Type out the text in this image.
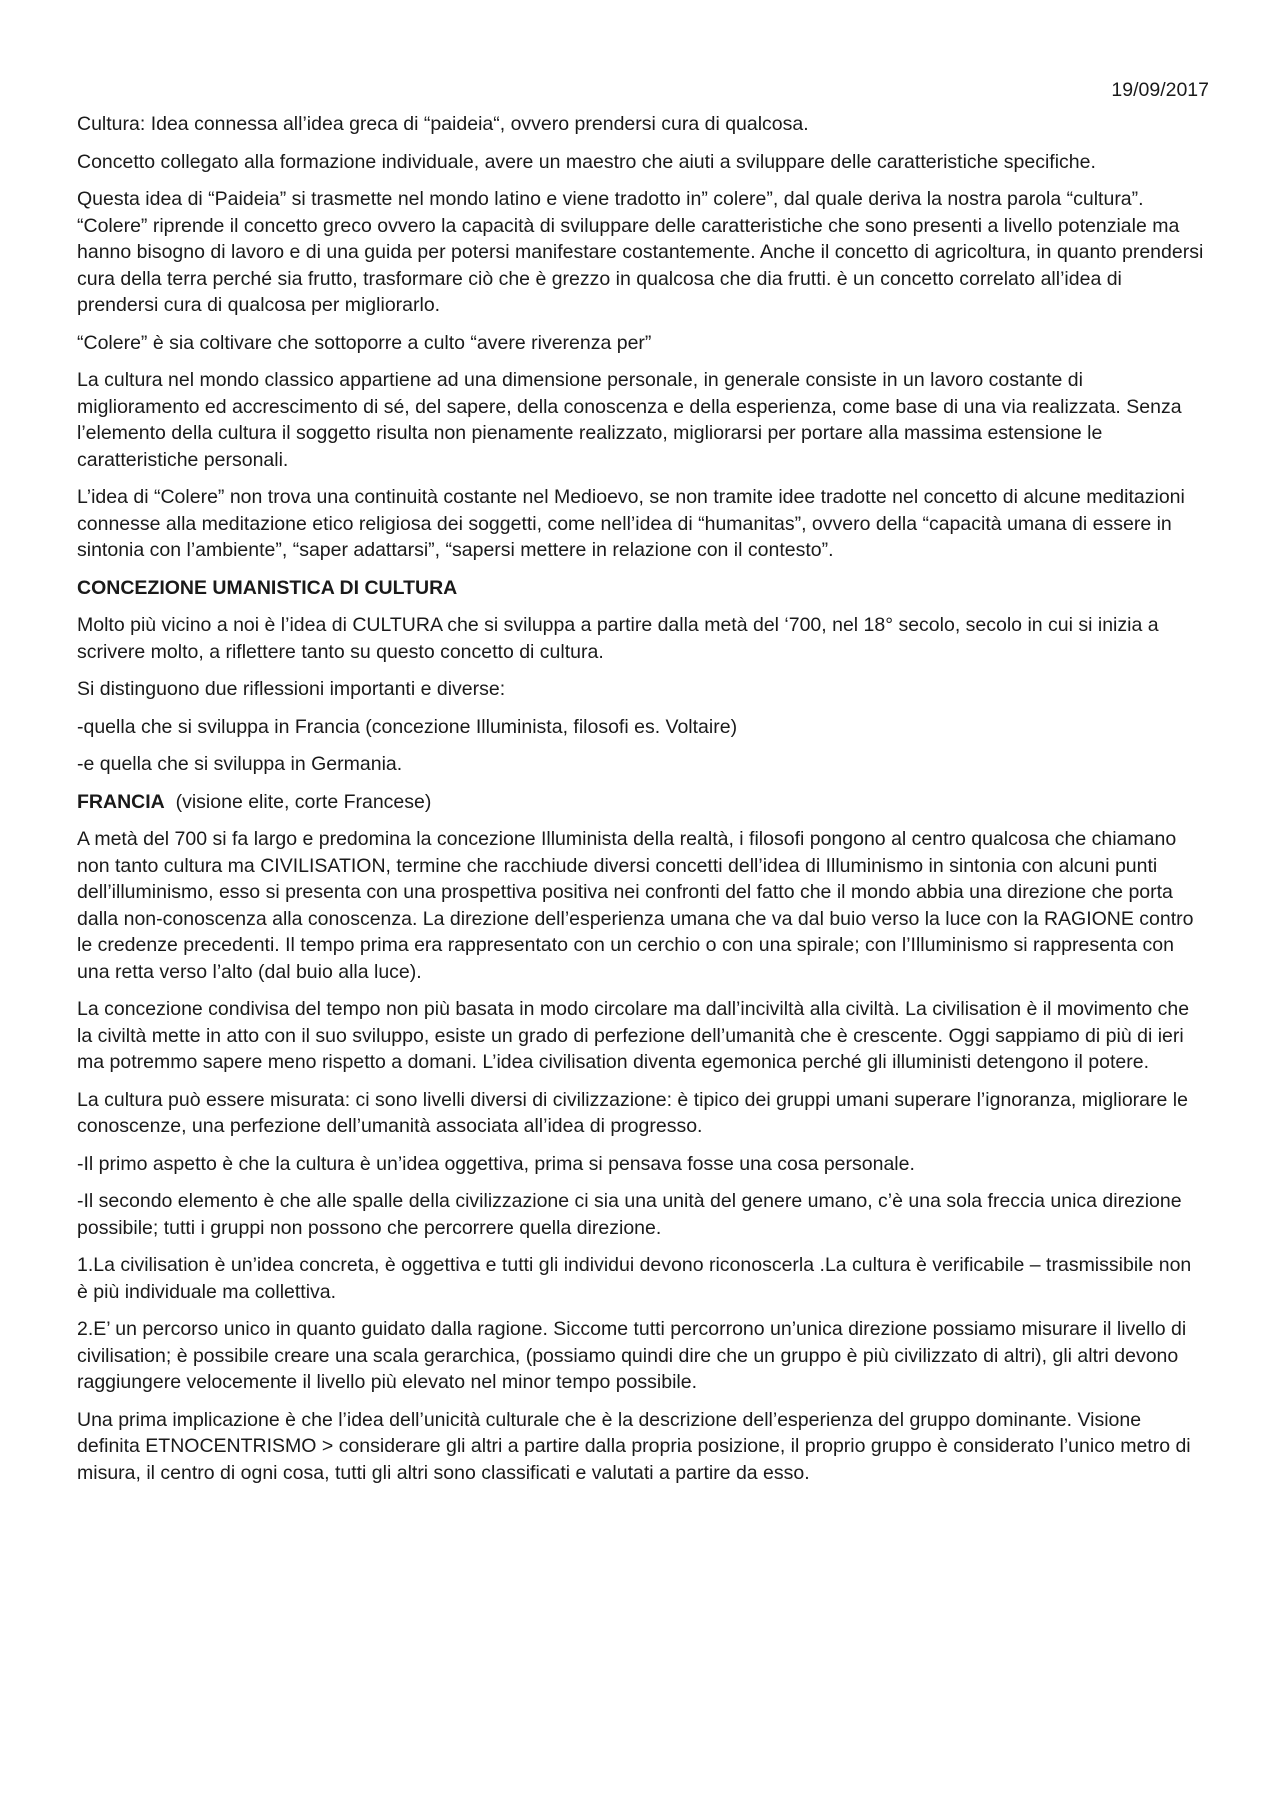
19/09/2017

Cultura: Idea connessa all’idea greca di “paideia“, ovvero prendersi cura di qualcosa.

Concetto collegato alla formazione individuale, avere un maestro che aiuti a sviluppare delle caratteristiche specifiche.

Questa idea di “Paideia” si trasmette nel mondo latino e viene tradotto in” colere”, dal quale deriva la nostra parola “cultura”. “Colere” riprende il concetto greco ovvero la capacità di sviluppare delle caratteristiche che sono presenti a livello potenziale ma hanno bisogno di lavoro e di una guida per potersi manifestare costantemente. Anche il concetto di agricoltura, in quanto prendersi cura della terra perché sia frutto, trasformare ciò che è grezzo in qualcosa che dia frutti. è un concetto correlato all’idea di prendersi cura di qualcosa per migliorarlo.

“Colere” è sia coltivare che sottoporre a culto “avere riverenza per”

La cultura nel mondo classico appartiene ad una dimensione personale, in generale consiste in un lavoro costante di miglioramento ed accrescimento di sé, del sapere, della conoscenza e della esperienza, come base di una via realizzata. Senza l’elemento della cultura il soggetto risulta non pienamente realizzato, migliorarsi per portare alla massima estensione le caratteristiche personali.

L’idea di “Colere” non trova una continuità costante nel Medioevo, se non tramite idee tradotte nel concetto di alcune meditazioni connesse alla meditazione etico religiosa dei soggetti, come nell’idea di “humanitas”, ovvero della “capacità umana di essere in sintonia con l’ambiente”, “saper adattarsi”, “sapersi mettere in relazione con il contesto”.

CONCEZIONE UMANISTICA DI CULTURA

Molto più vicino a noi è l’idea di CULTURA che si sviluppa a partire dalla metà del ‘700, nel 18° secolo, secolo in cui si inizia a scrivere molto, a riflettere tanto su questo concetto di cultura.

Si distinguono due riflessioni importanti e diverse:

-quella che si sviluppa in Francia (concezione Illuminista, filosofi es. Voltaire)

-e quella che si sviluppa in Germania.

FRANCIA (visione elite, corte Francese)

A metà del 700 si fa largo e predomina la concezione Illuminista della realtà, i filosofi pongono al centro qualcosa che chiamano non tanto cultura ma CIVILISATION, termine che racchiude diversi concetti dell’idea di Illuminismo in sintonia con alcuni punti dell’illuminismo, esso si presenta con una prospettiva positiva nei confronti del fatto che il mondo abbia una direzione che porta dalla non-conoscenza alla conoscenza. La direzione dell’esperienza umana che va dal buio verso la luce con la RAGIONE contro le credenze precedenti. Il tempo prima era rappresentato con un cerchio o con una spirale; con l’Illuminismo si rappresenta con una retta verso l’alto (dal buio alla luce).

La concezione condivisa del tempo non più basata in modo circolare ma dall’inciviltà alla civiltà. La civilisation è il movimento che la civiltà mette in atto con il suo sviluppo, esiste un grado di perfezione dell’umanità che è crescente. Oggi sappiamo di più di ieri ma potremmo sapere meno rispetto a domani. L’idea civilisation diventa egemonica perché gli illuministi detengono il potere.

La cultura può essere misurata: ci sono livelli diversi di civilizzazione: è tipico dei gruppi umani superare l’ignoranza, migliorare le conoscenze, una perfezione dell’umanità associata all’idea di progresso.

-Il primo aspetto è che la cultura è un’idea oggettiva, prima si pensava fosse una cosa personale.

-Il secondo elemento è che alle spalle della civilizzazione ci sia una unità del genere umano, c’è una sola freccia unica direzione possibile; tutti i gruppi non possono che percorrere quella direzione.

1.La civilisation è un’idea concreta, è oggettiva e tutti gli individui devono riconoscerla .La cultura è verificabile – trasmissibile non è più individuale ma collettiva.

2.E’ un percorso unico in quanto guidato dalla ragione. Siccome tutti percorrono un’unica direzione possiamo misurare il livello di civilisation; è possibile creare una scala gerarchica, (possiamo quindi dire che un gruppo è più civilizzato di altri), gli altri devono raggiungere velocemente il livello più elevato nel minor tempo possibile.

Una prima implicazione è che l’idea dell’unicità culturale che è la descrizione dell’esperienza del gruppo dominante. Visione definita ETNOCENTRISMO > considerare gli altri a partire dalla propria posizione, il proprio gruppo è considerato l’unico metro di misura, il centro di ogni cosa, tutti gli altri sono classificati e valutati a partire da esso.
